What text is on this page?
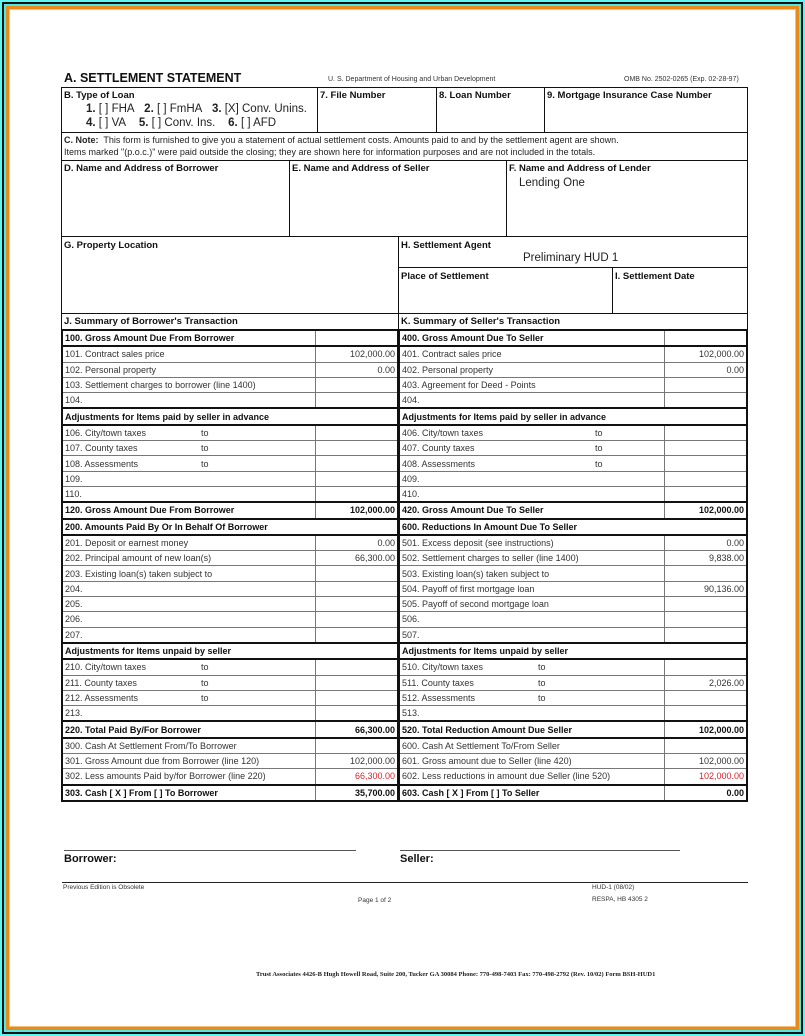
A. SETTLEMENT STATEMENT	U. S. Department of Housing and Urban Development	OMB No. 2502-0265 (Exp. 02-28-97)
B. Type of Loan
1. [ ] FHA 2. [ ] FmHA 3. [X] Conv. Unins.
4. [ ] VA 5. [ ] Conv. Ins. 6. [ ] AFD
7. File Number	8. Loan Number	9. Mortgage Insurance Case Number
C. Note: This form is furnished to give you a statement of actual settlement costs. Amounts paid to and by the settlement agent are shown.
Items marked "(p.o.c.)" were paid outside the closing; they are shown here for information purposes and are not included in the totals.
D. Name and Address of Borrower	E. Name and Address of Seller	F. Name and Address of Lender
Lending One
G. Property Location	H. Settlement Agent
Preliminary HUD 1
Place of Settlement	I. Settlement Date
J. Summary of Borrower's Transaction
100. Gross Amount Due From Borrower	
101. Contract sales price	102,000.00
102. Personal property	0.00
103. Settlement charges to borrower (line 1400)	
104.	
Adjustments for Items paid by seller in advance	
106. City/town taxes to	

107. County taxes to	

108. Assessments to	

109.	
110.	
120. Gross Amount Due From Borrower	102,000.00
200. Amounts Paid By Or In Behalf Of Borrower	
201. Deposit or earnest money	0.00
202. Principal amount of new loan(s)	66,300.00
203. Existing loan(s) taken subject to	
204.	
205.	
206.	
207.	
Adjustments for Items unpaid by seller	
210. City/town taxes to	

211. County taxes to	

212. Assessments to	

213.	
220. Total Paid By/For Borrower	66,300.00
300. Cash At Settlement From/To Borrower	
301. Gross Amount due from Borrower (line 120)	102,000.00
302. Less amounts Paid by/for Borrower (line 220)	66,300.00
303. Cash [ X ] From [ ] To Borrower	35,700.00
K. Summary of Seller's Transaction
400. Gross Amount Due To Seller	
401. Contract sales price	102,000.00
402. Personal property	0.00
403. Agreement for Deed - Points	
404.	
Adjustments for Items paid by seller in advance	
406. City/town taxes to	

407. County taxes to	

408. Assessments to	

409.	
410.	
420. Gross Amount Due To Seller	102,000.00
600. Reductions In Amount Due To Seller	
501. Excess deposit (see instructions)	0.00
502. Settlement charges to seller (line 1400)	9,838.00
503. Existing loan(s) taken subject to	
504. Payoff of first mortgage loan	90,136.00
505. Payoff of second mortgage loan	
506.	
507.	
Adjustments for Items unpaid by seller	
510. City/town taxes to	

511. County taxes to	2,026.00
512. Assessments to	

513.	
520. Total Reduction Amount Due Seller	102,000.00
600. Cash At Settlement To/From Seller	
601. Gross amount due to Seller (line 420)	102,000.00
602. Less reductions in amount due Seller (line 520)	102,000.00
603. Cash [ X ] From [ ] To Seller	0.00
Borrower:	Seller:
Previous Edition is Obsolete
Page 1 of 2
HUD-1 (08/02)
RESPA, HB 4305 2
Trust Associates 4426-B Hugh Howell Road, Suite 200, Tucker GA 30084 Phone: 770-498-7403 Fax: 770-498-2792 (Rev. 10/02) Form BSH-HUD1
